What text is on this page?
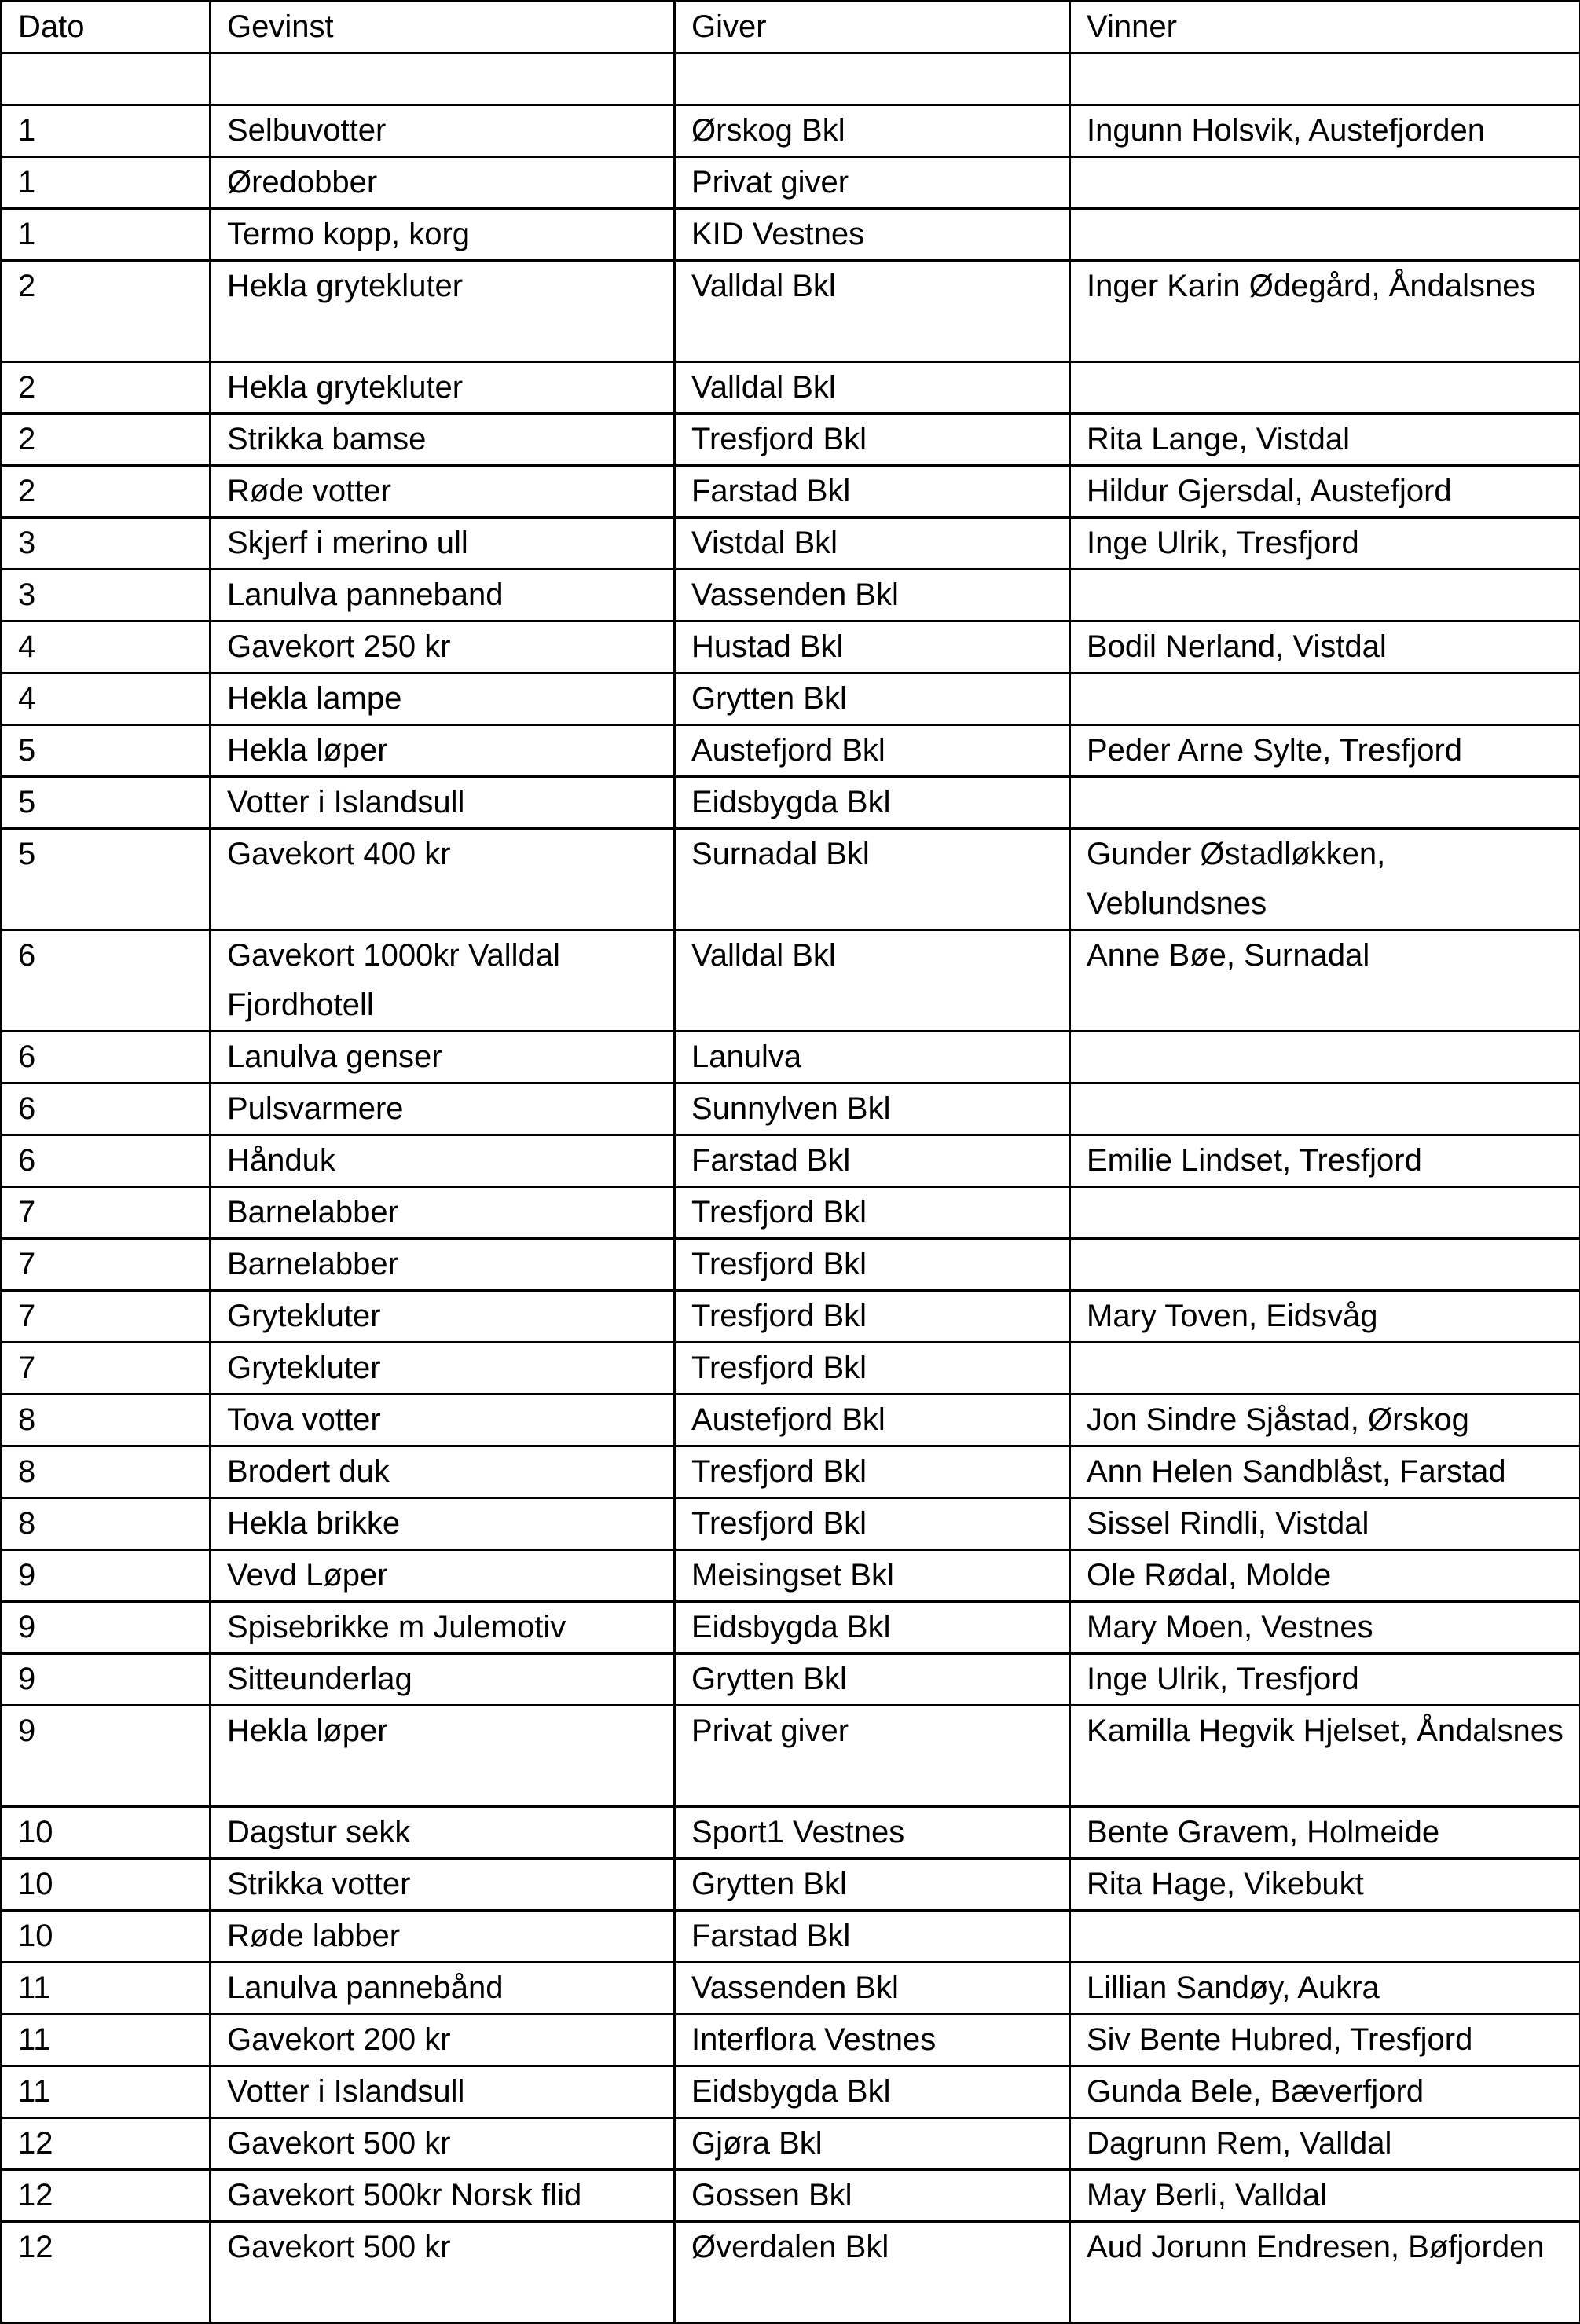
Dato	Gevinst	Giver	Vinner

1	Selbuvotter	Ørskog Bkl	Ingunn Holsvik, Austefjorden
1	Øredobber	Privat giver	
1	Termo kopp, korg	KID Vestnes	
2	Hekla grytekluter	Valldal Bkl	Inger Karin Ødegård, Åndalsnes
2	Hekla grytekluter	Valldal Bkl	
2	Strikka bamse	Tresfjord Bkl	Rita Lange, Vistdal
2	Røde votter	Farstad Bkl	Hildur Gjersdal, Austefjord
3	Skjerf i merino ull	Vistdal Bkl	Inge Ulrik, Tresfjord
3	Lanulva panneband	Vassenden Bkl	
4	Gavekort 250 kr	Hustad Bkl	Bodil Nerland, Vistdal
4	Hekla lampe	Grytten Bkl	
5	Hekla løper	Austefjord Bkl	Peder Arne Sylte, Tresfjord
5	Votter i Islandsull	Eidsbygda Bkl	
5	Gavekort 400 kr	Surnadal Bkl	Gunder Østadløkken, Veblundsnes
6	Gavekort 1000kr Valldal Fjordhotell	Valldal Bkl	Anne Bøe, Surnadal
6	Lanulva genser	Lanulva	
6	Pulsvarmere	Sunnylven Bkl	
6	Hånduk	Farstad Bkl	Emilie Lindset, Tresfjord
7	Barnelabber	Tresfjord Bkl	
7	Barnelabber	Tresfjord Bkl	
7	Grytekluter	Tresfjord Bkl	Mary Toven, Eidsvåg
7	Grytekluter	Tresfjord Bkl	
8	Tova votter	Austefjord Bkl	Jon Sindre Sjåstad, Ørskog
8	Brodert duk	Tresfjord Bkl	Ann Helen Sandblåst, Farstad
8	Hekla brikke	Tresfjord Bkl	Sissel Rindli, Vistdal
9	Vevd Løper	Meisingset Bkl	Ole Rødal, Molde
9	Spisebrikke m Julemotiv	Eidsbygda Bkl	Mary Moen, Vestnes
9	Sitteunderlag	Grytten Bkl	Inge Ulrik, Tresfjord
9	Hekla løper	Privat giver	Kamilla Hegvik Hjelset, Åndalsnes
10	Dagstur sekk	Sport1 Vestnes	Bente Gravem, Holmeide
10	Strikka votter	Grytten Bkl	Rita Hage, Vikebukt
10	Røde labber	Farstad Bkl	
11	Lanulva pannebånd	Vassenden Bkl	Lillian Sandøy, Aukra
11	Gavekort 200 kr	Interflora Vestnes	Siv Bente Hubred, Tresfjord
11	Votter i Islandsull	Eidsbygda Bkl	Gunda Bele, Bæverfjord
12	Gavekort 500 kr	Gjøra Bkl	Dagrunn Rem, Valldal
12	Gavekort 500kr Norsk flid	Gossen Bkl	May Berli, Valldal
12	Gavekort 500 kr	Øverdalen Bkl	Aud Jorunn Endresen, Bøfjorden
